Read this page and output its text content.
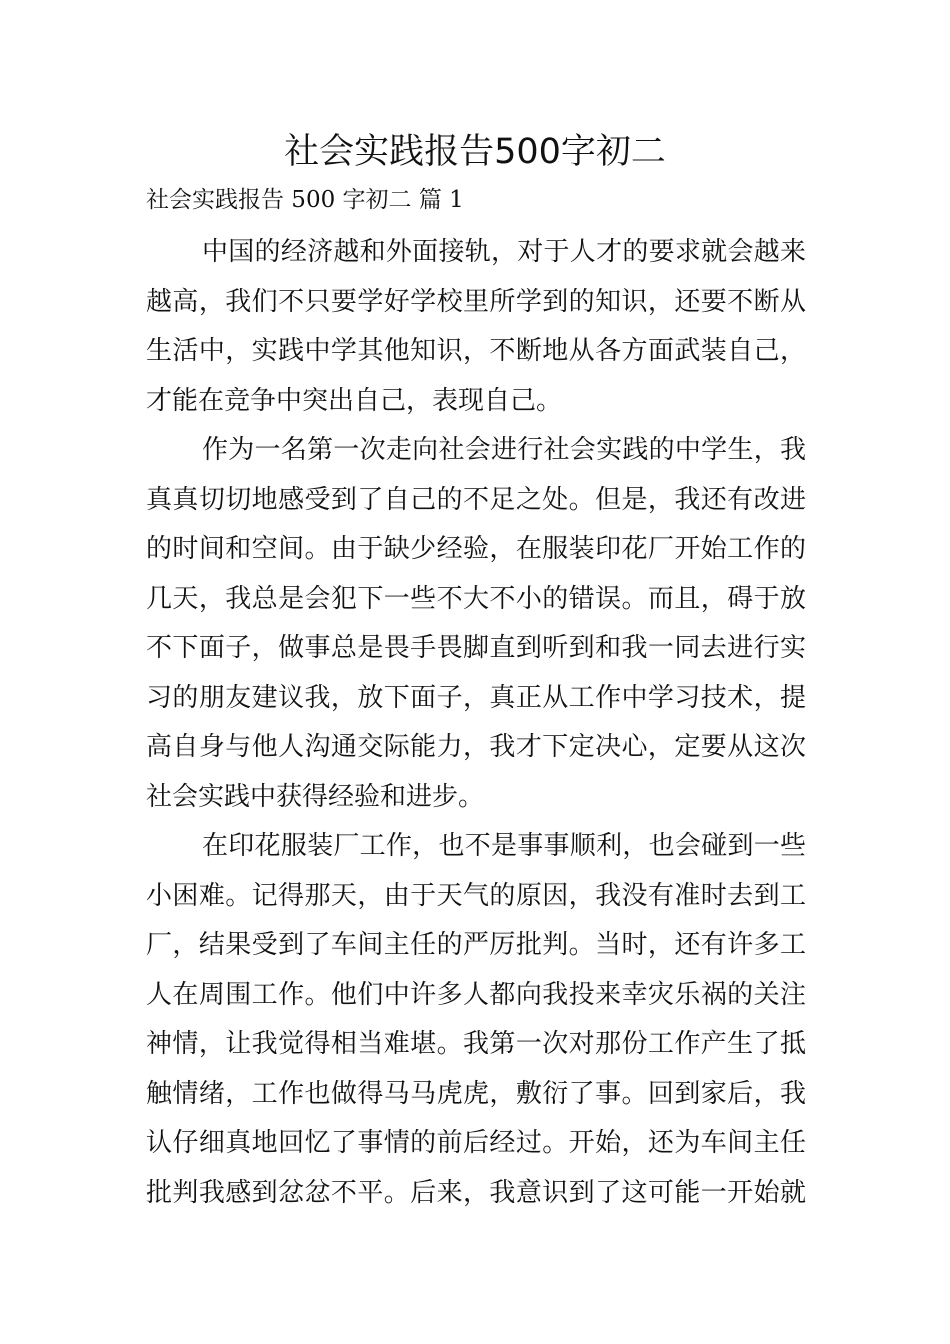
社会实践报告500字初二

社会实践报告 500 字初二 篇 1

中国的经济越和外面接轨，对于人才的要求就会越来
越高，我们不只要学好学校里所学到的知识，还要不断从
生活中，实践中学其他知识，不断地从各方面武装自己，
才能在竞争中突出自己，表现自己。

作为一名第一次走向社会进行社会实践的中学生，我
真真切切地感受到了自己的不足之处。但是，我还有改进
的时间和空间。由于缺少经验，在服装印花厂开始工作的
几天，我总是会犯下一些不大不小的错误。而且，碍于放
不下面子，做事总是畏手畏脚直到听到和我一同去进行实
习的朋友建议我，放下面子，真正从工作中学习技术，提
高自身与他人沟通交际能力，我才下定决心，定要从这次
社会实践中获得经验和进步。

在印花服装厂工作，也不是事事顺利，也会碰到一些
小困难。记得那天，由于天气的原因，我没有准时去到工
厂，结果受到了车间主任的严厉批判。当时，还有许多工
人在周围工作。他们中许多人都向我投来幸灾乐祸的关注
神情，让我觉得相当难堪。我第一次对那份工作产生了抵
触情绪，工作也做得马马虎虎，敷衍了事。回到家后，我
认仔细真地回忆了事情的前后经过。开始，还为车间主任
批判我感到忿忿不平。后来，我意识到了这可能一开始就
